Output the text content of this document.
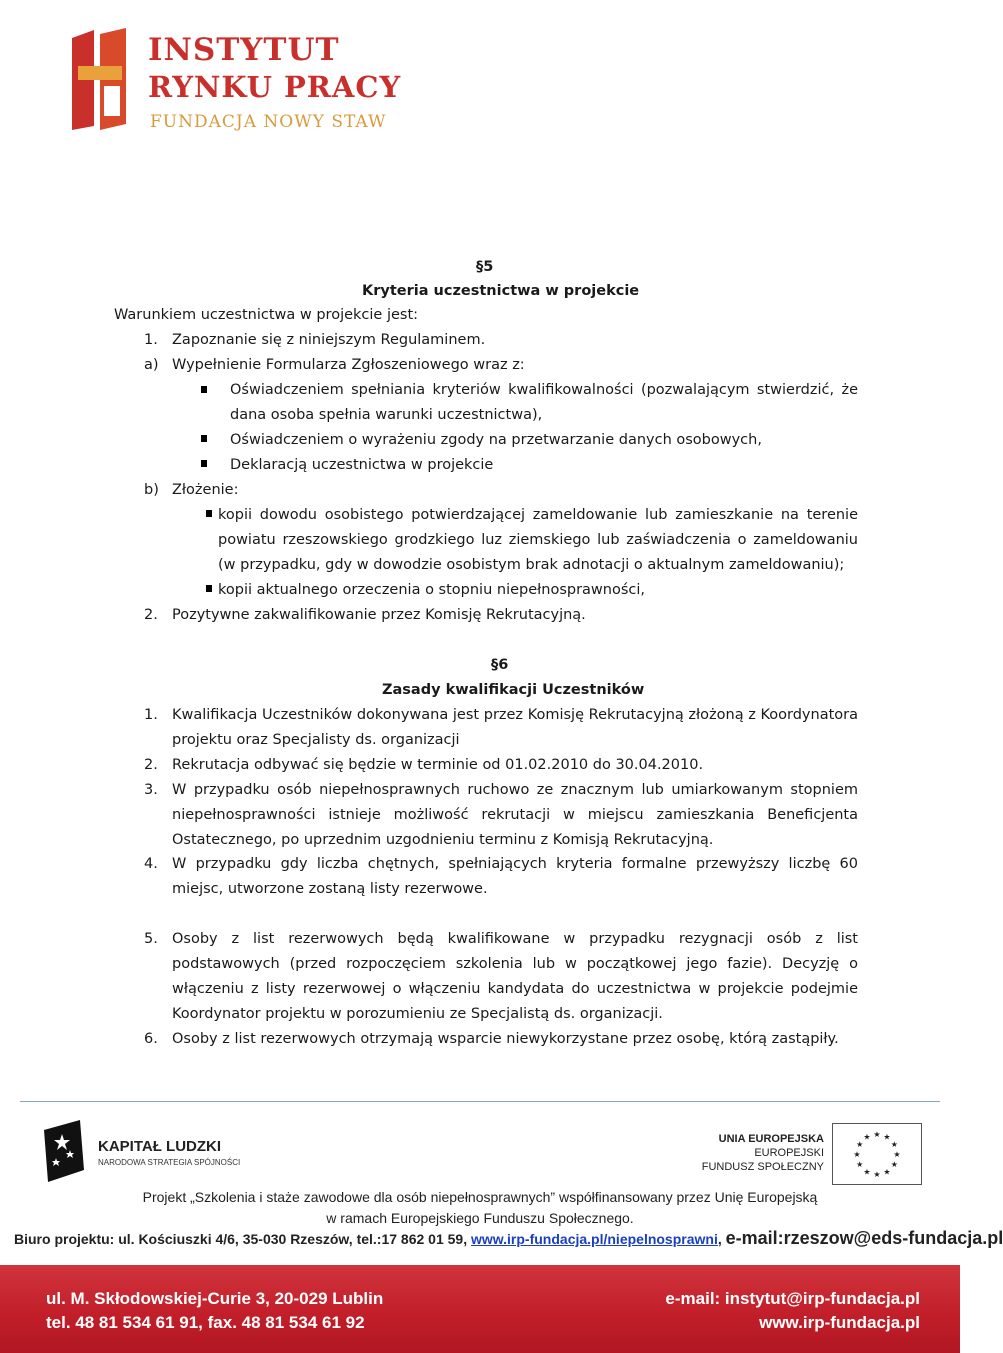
INSTYTUT
RYNKU PRACY
FUNDACJA NOWY STAW
§5
Kryteria uczestnictwa w projekcie
Warunkiem uczestnictwa w projekcie jest:
1. Zapoznanie się z niniejszym Regulaminem.
a) Wypełnienie Formularza Zgłoszeniowego wraz z:
Oświadczeniem spełniania kryteriów kwalifikowalności (pozwalającym stwierdzić, że dana osoba spełnia warunki uczestnictwa),
Oświadczeniem o wyrażeniu zgody na przetwarzanie danych osobowych,
Deklaracją uczestnictwa w projekcie
b) Złożenie:
kopii dowodu osobistego potwierdzającej zameldowanie lub zamieszkanie na terenie powiatu rzeszowskiego grodzkiego luz ziemskiego lub zaświadczenia o zameldowaniu (w przypadku, gdy w dowodzie osobistym brak adnotacji o aktualnym zameldowaniu);
kopii aktualnego orzeczenia o stopniu niepełnosprawności,
2. Pozytywne zakwalifikowanie przez Komisję Rekrutacyjną.
§6
Zasady kwalifikacji Uczestników
1. Kwalifikacja Uczestników dokonywana jest przez Komisję Rekrutacyjną złożoną z Koordynatora projektu oraz Specjalisty ds. organizacji
2. Rekrutacja odbywać się będzie w terminie od 01.02.2010 do 30.04.2010.
3. W przypadku osób niepełnosprawnych ruchowo ze znacznym lub umiarkowanym stopniem niepełnosprawności istnieje możliwość rekrutacji w miejscu zamieszkania Beneficjenta Ostatecznego, po uprzednim uzgodnieniu terminu z Komisją Rekrutacyjną.
4. W przypadku gdy liczba chętnych, spełniających kryteria formalne przewyższy liczbę 60 miejsc, utworzone zostaną listy rezerwowe.
5. Osoby z list rezerwowych będą kwalifikowane w przypadku rezygnacji osób z list podstawowych (przed rozpoczęciem szkolenia lub w początkowej jego fazie). Decyzję o włączeniu z listy rezerwowej o włączeniu kandydata do uczestnictwa w projekcie podejmie Koordynator projektu w porozumieniu ze Specjalistą ds. organizacji.
6. Osoby z list rezerwowych otrzymają wsparcie niewykorzystane przez osobę, którą zastąpiły.
KAPITAŁ LUDZKI
NARODOWA STRATEGIA SPÓJNOŚCI
UNIA EUROPEJSKA
EUROPEJSKI
FUNDUSZ SPOŁECZNY
★ ★
★
★
★
★
★
★
★
★
★
★
Projekt „Szkolenia i staże zawodowe dla osób niepełnosprawnych” współfinansowany przez Unię Europejską
w ramach Europejskiego Funduszu Społecznego.
Biuro projektu: ul. Kościuszki 4/6, 35-030 Rzeszów, tel.:17 862 01 59, www.irp-fundacja.pl/niepelnosprawni, e-mail:rzeszow@eds-fundacja.pl
ul. M. Skłodowskiej-Curie 3, 20-029 Lublin
tel. 48 81 534 61 91, fax. 48 81 534 61 92
e-mail: instytut@irp-fundacja.pl
www.irp-fundacja.pl
